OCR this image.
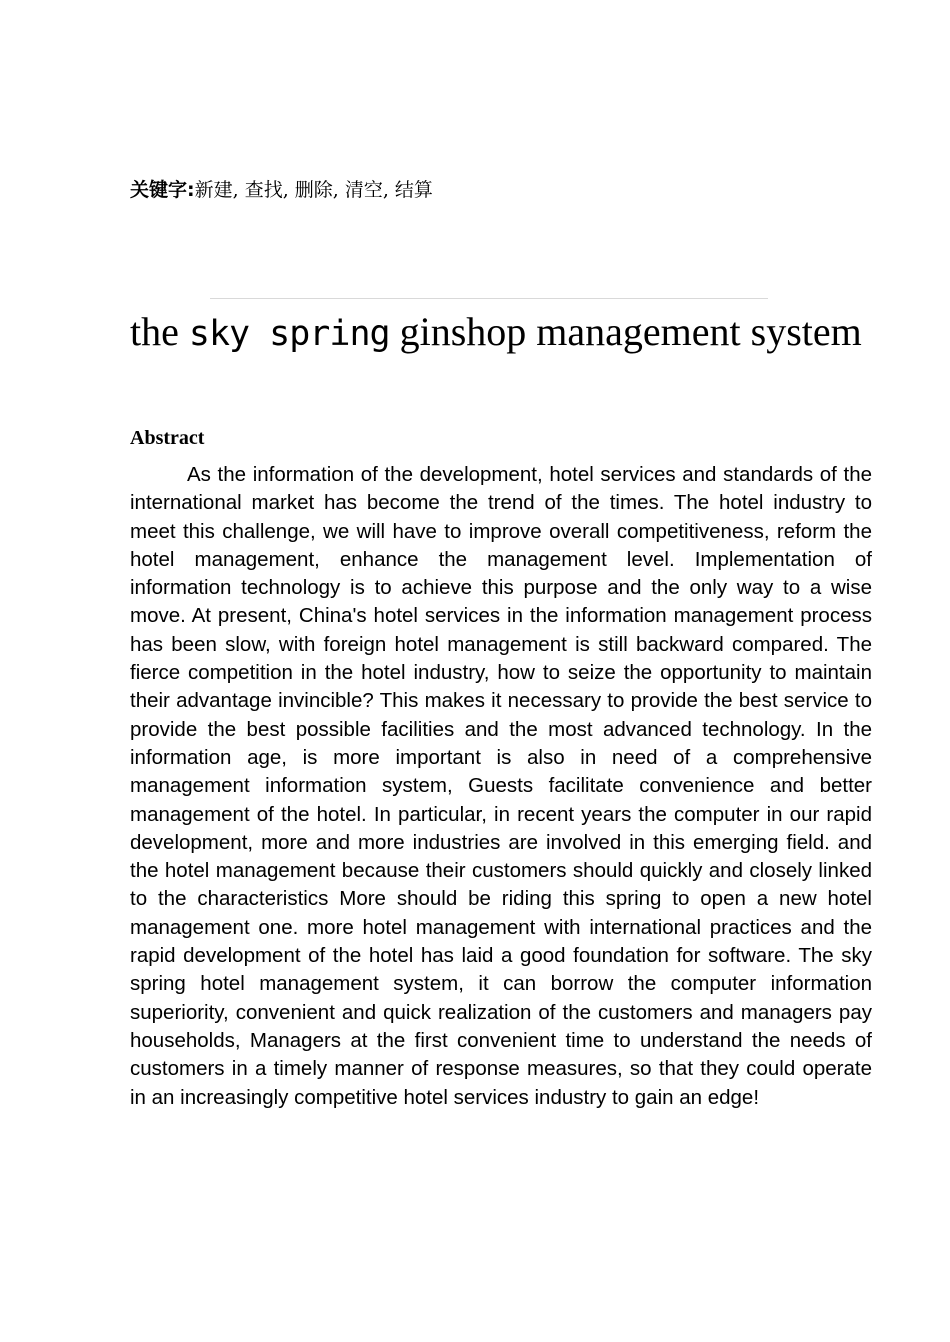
关键字:新建, 查找, 删除, 清空, 结算
the sky spring ginshop management system
Abstract

As the information of the development, hotel services and standards of the international market has become the trend of the times. The hotel industry to meet this challenge, we will have to improve overall competitiveness, reform the hotel management, enhance the management level. Implementation of information technology is to achieve this purpose and the only way to a wise move. At present, China's hotel services in the information management process has been slow, with foreign hotel management is still backward compared. The fierce competition in the hotel industry, how to seize the opportunity to maintain their advantage invincible? This makes it necessary to provide the best service to provide the best possible facilities and the most advanced technology. In the information age, is more important is also in need of a comprehensive management information system, Guests facilitate convenience and better management of the hotel. In particular, in recent years the computer in our rapid development, more and more industries are involved in this emerging field. and the hotel management because their customers should quickly and closely linked to the characteristics More should be riding this spring to open a new hotel management one. more hotel management with international practices and the rapid development of the hotel has laid a good foundation for software. The sky spring hotel management system, it can borrow the computer information superiority, convenient and quick realization of the customers and managers pay households, Managers at the first convenient time to understand the needs of customers in a timely manner of response measures, so that they could operate in an increasingly competitive hotel services industry to gain an edge!
